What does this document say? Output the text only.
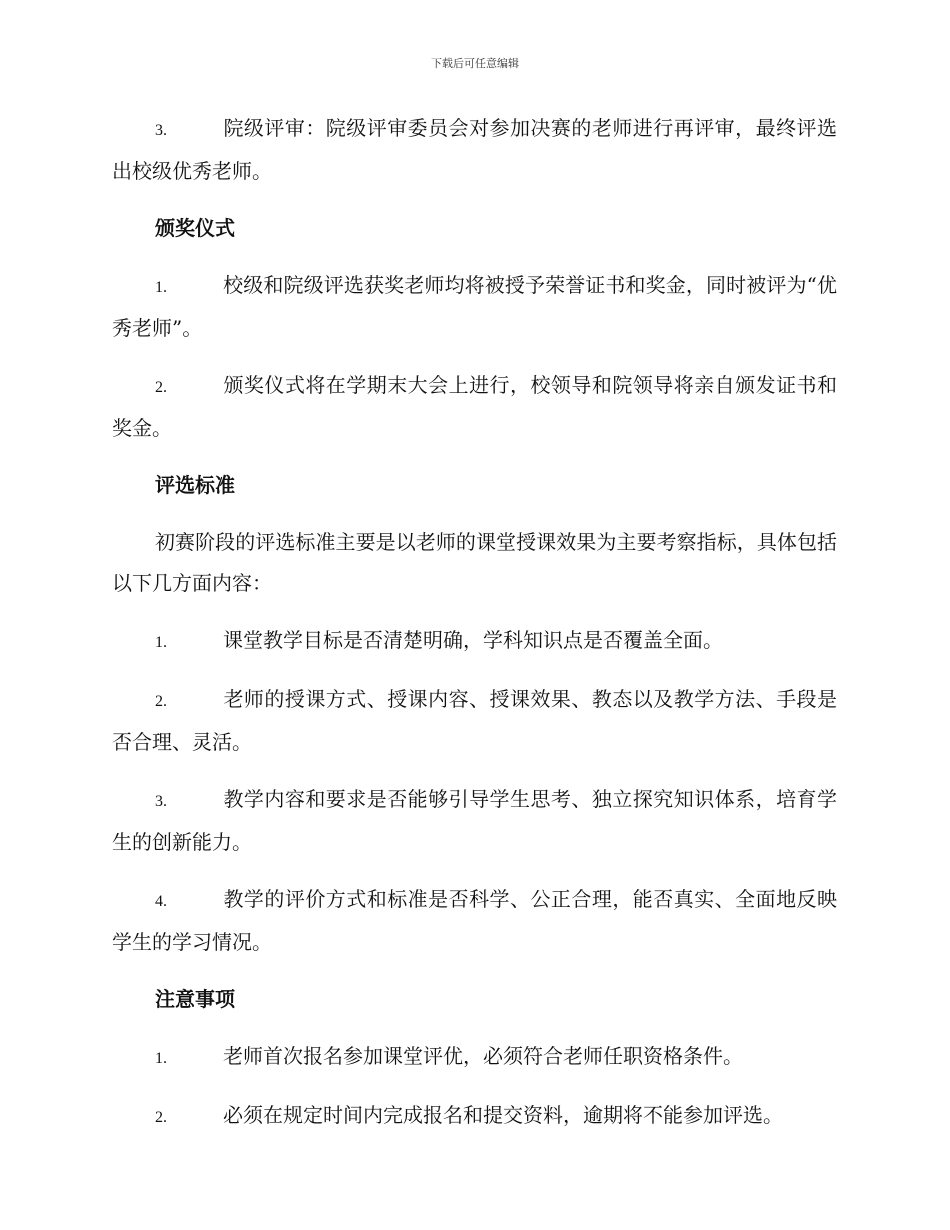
下载后可任意编辑

3.	院级评审：院级评审委员会对参加决赛的老师进行再评审，最终评选出校级优秀老师。

颁奖仪式

1.	校级和院级评选获奖老师均将被授予荣誉证书和奖金，同时被评为“优秀老师”。

2.	颁奖仪式将在学期末大会上进行，校领导和院领导将亲自颁发证书和奖金。

评选标准

初赛阶段的评选标准主要是以老师的课堂授课效果为主要考察指标，具体包括以下几方面内容：

1.	课堂教学目标是否清楚明确，学科知识点是否覆盖全面。

2.	老师的授课方式、授课内容、授课效果、教态以及教学方法、手段是否合理、灵活。

3.	教学内容和要求是否能够引导学生思考、独立探究知识体系，培育学生的创新能力。

4.	教学的评价方式和标准是否科学、公正合理，能否真实、全面地反映学生的学习情况。

注意事项

1.	老师首次报名参加课堂评优，必须符合老师任职资格条件。

2.	必须在规定时间内完成报名和提交资料，逾期将不能参加评选。
